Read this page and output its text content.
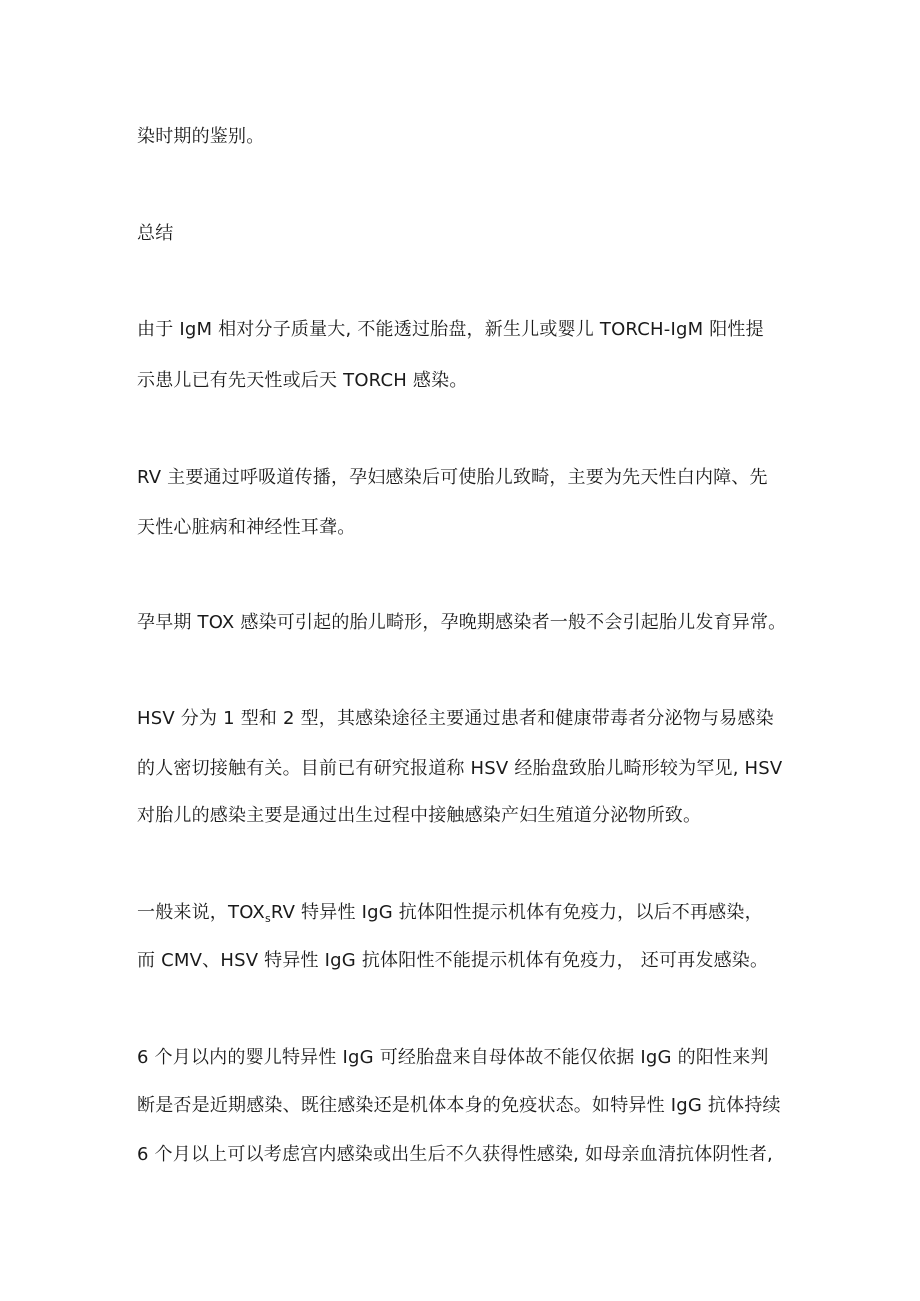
染时期的鉴别。
总结
由于 IgM 相对分子质量大, 不能透过胎盘，新生儿或婴儿 TORCH-IgM 阳性提
示患儿已有先天性或后天 TORCH 感染。
RV 主要通过呼吸道传播，孕妇感染后可使胎儿致畸，主要为先天性白内障、先
天性心脏病和神经性耳聋。
孕早期 TOX 感染可引起的胎儿畸形，孕晚期感染者一般不会引起胎儿发育异常。
HSV 分为 1 型和 2 型，其感染途径主要通过患者和健康带毒者分泌物与易感染
的人密切接触有关。目前已有研究报道称 HSV 经胎盘致胎儿畸形较为罕见, HSV
对胎儿的感染主要是通过出生过程中接触感染产妇生殖道分泌物所致。
一般来说，$TOX_sRV$ 特异性 IgG 抗体阳性提示机体有免疫力，以后不再感染，
而 CMV、HSV 特异性 IgG 抗体阳性不能提示机体有免疫力， 还可再发感染。
6 个月以内的婴儿特异性 IgG 可经胎盘来自母体故不能仅依据 IgG 的阳性来判
断是否是近期感染、既往感染还是机体本身的免疫状态。如特异性 IgG 抗体持续
6 个月以上可以考虑宫内感染或出生后不久获得性感染, 如母亲血清抗体阴性者,
